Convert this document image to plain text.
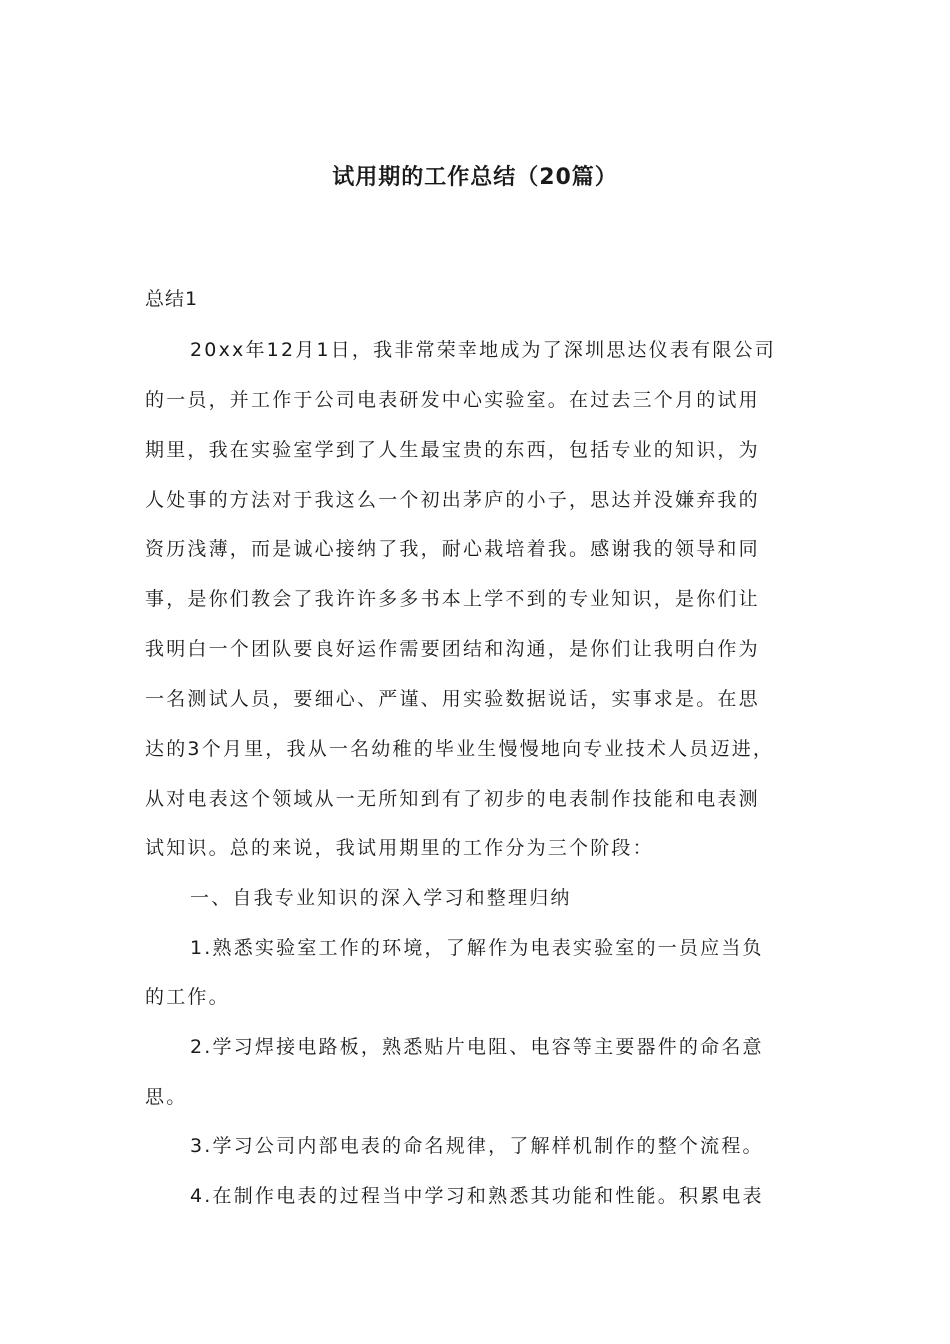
试用期的工作总结（20篇）
总结1
20xx年12月1日，我非常荣幸地成为了深圳思达仪表有限公司
的一员，并工作于公司电表研发中心实验室。在过去三个月的试用
期里，我在实验室学到了人生最宝贵的东西，包括专业的知识，为
人处事的方法对于我这么一个初出茅庐的小子，思达并没嫌弃我的
资历浅薄，而是诚心接纳了我，耐心栽培着我。感谢我的领导和同
事，是你们教会了我许许多多书本上学不到的专业知识，是你们让
我明白一个团队要良好运作需要团结和沟通，是你们让我明白作为
一名测试人员，要细心、严谨、用实验数据说话，实事求是。在思
达的3个月里，我从一名幼稚的毕业生慢慢地向专业技术人员迈进，
从对电表这个领域从一无所知到有了初步的电表制作技能和电表测
试知识。总的来说，我试用期里的工作分为三个阶段：
一、自我专业知识的深入学习和整理归纳
1.熟悉实验室工作的环境，了解作为电表实验室的一员应当负
的工作。
2.学习焊接电路板，熟悉贴片电阻、电容等主要器件的命名意
思。
3.学习公司内部电表的命名规律，了解样机制作的整个流程。
4.在制作电表的过程当中学习和熟悉其功能和性能。积累电表
